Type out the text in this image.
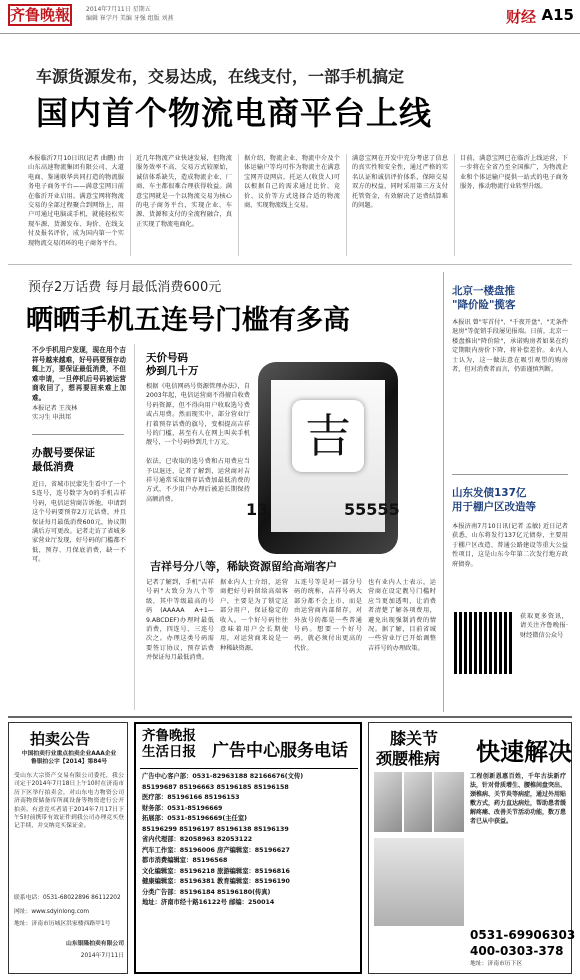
齐鲁晚報	2014年7月11日 星期五
编辑 崔学丹 美编 牙强 组版 刘燕	财经 A15
车源货源发布，交易达成，在线支付，一部手机搞定
国内首个物流电商平台上线
本报临沂7月10日讯(记者 曲鹏) 由山东高速物流集团有限公司、大道电商、鉴通联华共同打造的物流服务电子商务平台——满意宝网日前在临沂开业启用。满意宝网将物流交易的全部过程聚合到网络上，用户可通过电脑或手机，就能轻松实现车源、货源发布、询价、在线支付及报名评价，成为国内第一个实现物流交易闭环的电子商务平台。
近几年物流产业快速发展，但物流服务效率不高、交易方式较原始，诚信体系缺失，造成物流企业、厂商、车主都很难合理获得收益。满意宝网就是一个以物流交易为核心的电子商务平台，实现企业、车源、货源和支付的全流程融合，真正实现了物流电商化。
据介绍，物流企业、物流中介及个体运输户等均可作为物流主在满意宝网开设网店，托运人(收货人)可以根据自己的需求通过比价、竞价、议价等方式选择合适的物流商，实现物流线上交易。
满意宝网在开发中充分考虑了信息的真实性和安全性，通过严格的实名认证和诚信评价体系，保障交易双方的权益，同时采用第三方支付托管资金，有效解决了运费结算难的问题。
目前，满意宝网已在临沂上线运营，下一步将在全省乃至全国推广，为物流企业和个体运输户提供一站式的电子商务服务，推动物流行业转型升级。
预存2万话费 每月最低消费600元
晒晒手机五连号门槛有多高
不少手机用户发现，现在用个吉祥号越来越难，好号码要预存动辄上万，要保证最低消费，不但难申请，一旦停机后号码被运营商收回了，想再要回来难上加难。
本报记者 王茂林
实习生 申洪邦
办靓号要保证
最低消费
近日，省城市民蒙先生看中了一个5连号，连号数字为0的手机吉祥号码，电信运营商告诉他，申请到这个号码要预存2万元话费，并且保证每月最低消费600元，协议期满后方可更改。记者走访了省城多家营业厅发现，好号码的门槛都不低，预存、月保底消费，缺一不可。
天价号码
炒到几十万
根据《电信网码号资源管理办法》，自2003年起，电信运营商不得擅自收费号码资源，但不得向用户收取选号费或占用费。然而现实中，部分营业厅打着预存话费的旗号，变相提高吉祥号的门槛，甚至有人在网上叫卖手机靓号，一个号码炒到几十万元。

依法，已收取的选号费和占用费应当予以退还，记者了解到，运营商对吉祥号通常采取预存话费加最低消费的方式，不少用户办理后被迫长期保持高额消费。
吉
13	55555
吉祥号分八等，稀缺资源留给高端客户
记者了解到，手机"吉祥号码"大致分为八个等级，其中等级最高的号码(AAAAA A+1—9.ABCDEF)办理时最低消费，四连号、三连号次之。办理这类号码需要签订协议，预存话费并保证每月最低消费。
据业内人士介绍，运营商把好号码留给高端客户，主要是为了锁定这部分用户，保证稳定的收入。一个好号码往往意味着用户会长期使用，对运营商来说是一种稀缺资源。
五连号等是对一部分号码的统称，吉祥号码大部分都不会上市，而是由运营商内部留存，对外放号的都是一些普通号码。想要一个好号码，就必须付出更高的代价。
也有业内人士表示，运营商在设定靓号门槛时应当更加透明，让消费者清楚了解各项费用，避免出现强制消费的情况。据了解，目前省城一些营业厅已开始调整吉祥号的办理政策。
北京一楼盘推
"降价险"揽客
本报讯 曾"零首付"、"千夜开盘"、"无条件退房"等促销手段屡见报端。日前，北京一楼盘推出"降价险"，承诺购房者如果在约定期限内房价下降，将补偿差价。业内人士认为，这一做法意在吸引观望的购房者，但对消费者而言，仍需谨慎判断。
山东发债137亿
用于棚户区改造等
本报济南7月10日讯(记者 孟敏) 近日记者获悉，山东将发行137亿元债券，主要用于棚户区改造、普通公路建设等重大公益性项目，这是山东今年第二次发行地方政府债券。
获取更多资讯，请关注齐鲁晚报·财经微信公众号
拍卖公告
中国拍卖行业重点拍卖企业AAA企业
鲁银拍公字【2014】第84号
受山东大宗资产交易有限公司委托，我公司定于2014年7月18日上午10时在济南市历下区举行拍卖会，对山东电力物资公司济南物资储备库所属设备等物资进行公开拍卖。有意竞买者请于2014年7月17日下午5时前携带有效证件到我公司办理竞买登记手续，并交纳竞买保证金。
联系电话：0531-68022896 86112202
网址：www.sdyinlong.com
地址：济南市历城区洪家楼西路甲1号
山东银隆拍卖有限公司
2014年7月11日
齐鲁晚报
生活日报 广告中心服务电话
广告中心客户部：0531-82963188 82166676(文传)
85199687 85196663 85196185 85196158
医疗部：85196166 85196153
财务部：0531-85196669
拓展部：0531-85196669(主任室)
85196299 85196197 85196138 85196139
省内代理部：82058963 82053122
汽车工作室：85196006 房产编辑室：85196627
都市消费编辑室：85196568
文化编辑室：85196218 旅游编辑室：85196816
健康编辑室：85196381 教育编辑室：85196190
分类广告部：85196184 85196180(传真)
地址：济南市经十路16122号 邮编：250014
膝关节
颈腰椎病 快速解决
工程创新恩惠百姓，千年古法新疗法，针对骨质增生、腰椎间盘突出、颈椎病、关节炎等病症，通过外用贴敷方式，药力直达病灶，帮助患者缓解疼痛、改善关节活动功能，数万患者已从中获益。
0531-69906303
400-0303-378
地址：济南市历下区
